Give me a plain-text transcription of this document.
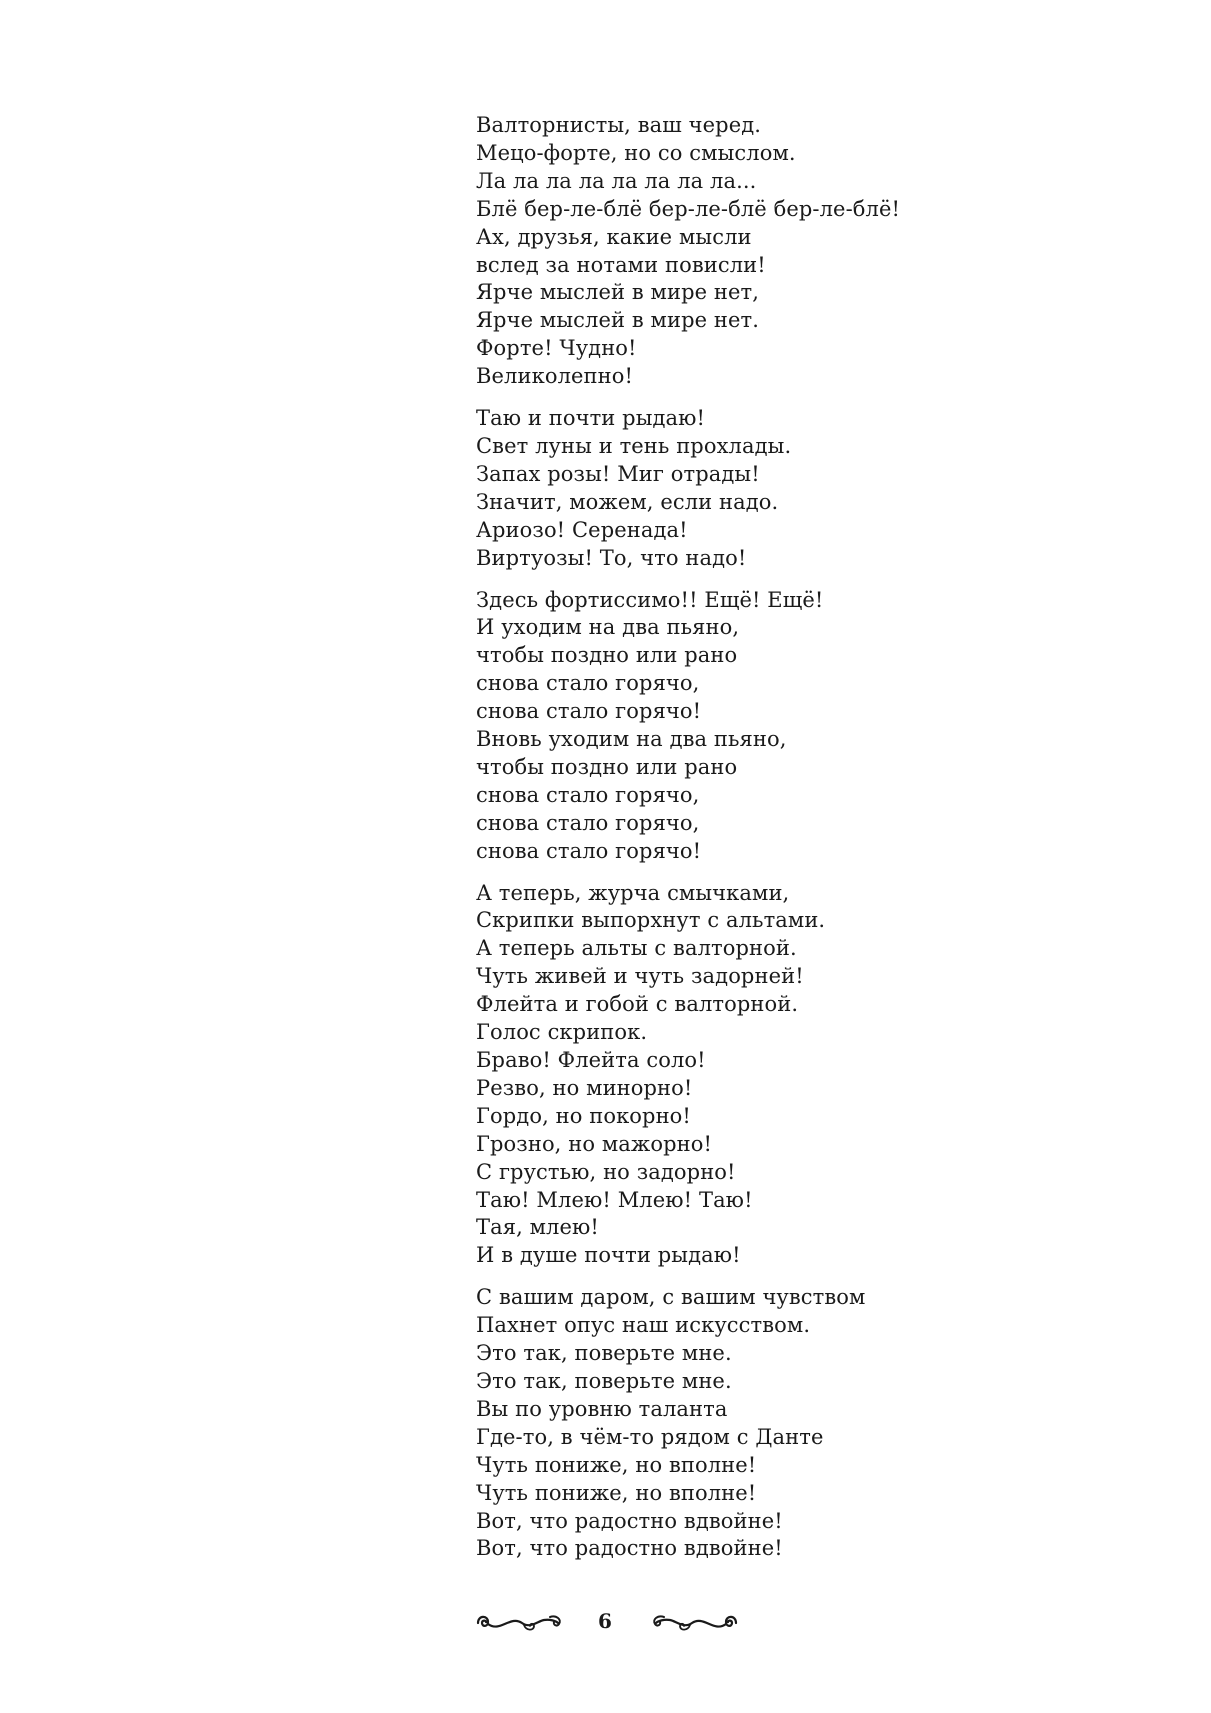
Валторнисты, ваш черед.
Мецо-форте, но со смыслом.
Ла ла ла ла ла ла ла ла...
Блё бер-ле-блё бер-ле-блё бер-ле-блё!
Ах, друзья, какие мысли
вслед за нотами повисли!
Ярче мыслей в мире нет,
Ярче мыслей в мире нет.
Форте! Чудно!
Великолепно!
Таю и почти рыдаю!
Свет луны и тень прохлады.
Запах розы! Миг отрады!
Значит, можем, если надо.
Ариозо! Серенада!
Виртуозы! То, что надо!
Здесь фортиссимо!! Ещё! Ещё!
И уходим на два пьяно,
чтобы поздно или рано
снова стало горячо,
снова стало горячо!
Вновь уходим на два пьяно,
чтобы поздно или рано
снова стало горячо,
снова стало горячо,
снова стало горячо!
А теперь, журча смычками,
Скрипки выпорхнут с альтами.
А теперь альты с валторной.
Чуть живей и чуть задорней!
Флейта и гобой с валторной.
Голос скрипок.
Браво! Флейта соло!
Резво, но минорно!
Гордо, но покорно!
Грозно, но мажорно!
С грустью, но задорно!
Таю! Млею! Млею! Таю!
Тая, млею!
И в душе почти рыдаю!
С вашим даром, с вашим чувством
Пахнет опус наш искусством.
Это так, поверьте мне.
Это так, поверьте мне.
Вы по уровню таланта
Где-то, в чём-то рядом с Данте
Чуть пониже, но вполне!
Чуть пониже, но вполне!
Вот, что радостно вдвойне!
Вот, что радостно вдвойне!
6
